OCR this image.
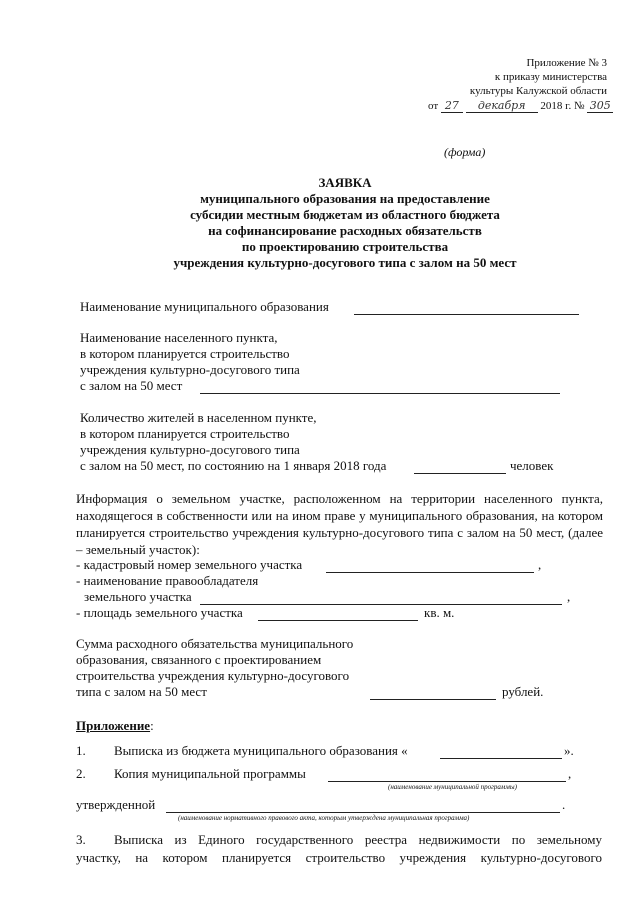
Приложение № 3
к приказу министерства
культуры Калужской области
от 27 декабря 2018 г. № 305
(форма)
ЗАЯВКА
муниципального образования на предоставление
субсидии местным бюджетам из областного бюджета
на софинансирование расходных обязательств
по проектированию строительства
учреждения культурно-досугового типа с залом на 50 мест
Наименование муниципального образования
Наименование населенного пункта,
в котором планируется строительство
учреждения культурно-досугового типа
с залом на 50 мест
Количество жителей в населенном пункте,
в котором планируется строительство
учреждения культурно-досугового типа
с залом на 50 мест, по состоянию на 1 января 2018 года	человек
Информация о земельном участке, расположенном на территории населенного пункта, находящегося в собственности или на ином праве у муниципального образования, на котором планируется строительство учреждения культурно-досугового типа с залом на 50 мест, (далее – земельный участок):
- кадастровый номер земельного участка	,
- наименование правообладателя
земельного участка	,
- площадь земельного участка	кв. м.
Сумма расходного обязательства муниципального
образования, связанного с проектированием
строительства учреждения культурно-досугового
типа с залом на 50 мест	рублей.
Приложение:
1. Выписка из бюджета муниципального образования «	».
2. Копия муниципальной программы	,
(наименование муниципальной программы)
утвержденной	.
(наименование нормативного правового акта, которым утверждена муниципальная программа)
3. Выписка из Единого государственного реестра недвижимости по земельному
участку, на котором планируется строительство учреждения культурно-досугового
